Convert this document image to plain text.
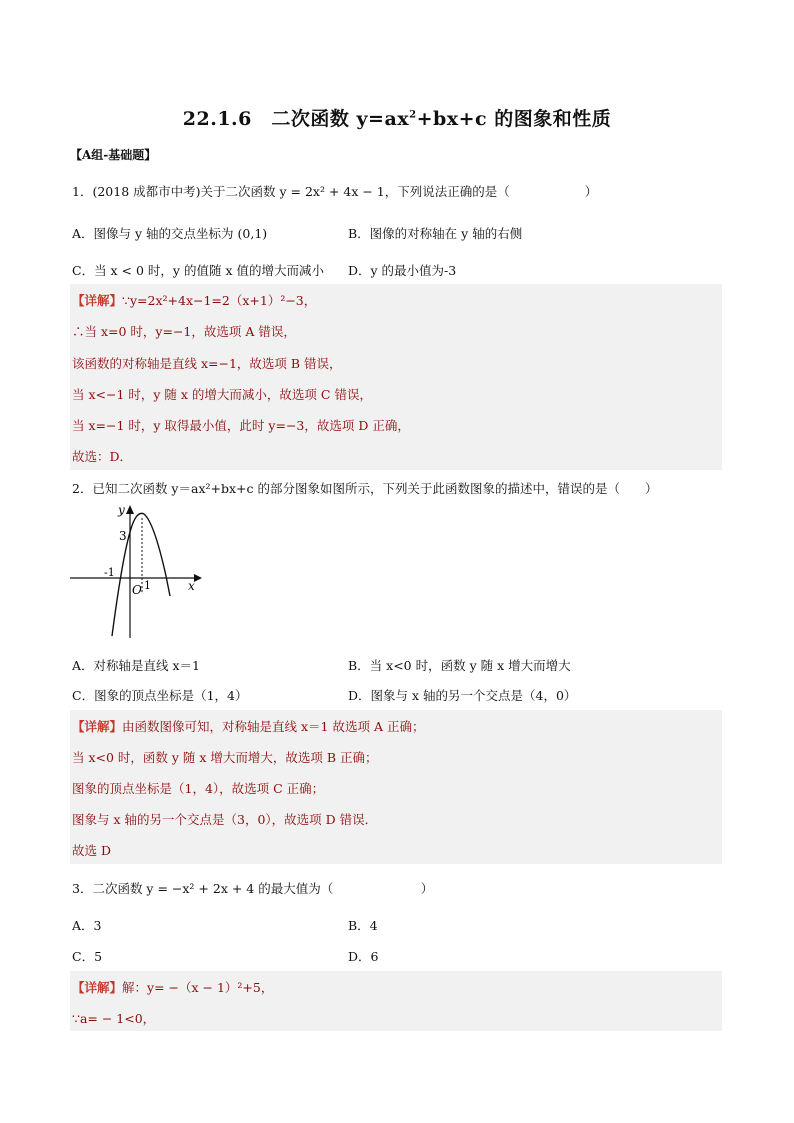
22.1.6　二次函数 $y=ax^2+bx+c$ 的图象和性质
【A组-基础题】
1．(2018 成都市中考)关于二次函数 y = 2x² + 4x − 1，下列说法正确的是（　　　　　　）
A．图像与 y 轴的交点坐标为 (0,1)	B．图像的对称轴在 y 轴的右侧
C．当 x < 0 时，y 的值随 x 值的增大而减小 D．y 的最小值为-3
【详解】∵y=2x²+4x−1=2（x+1）²−3，
∴当 x=0 时，y=−1，故选项 A 错误，
该函数的对称轴是直线 x=−1，故选项 B 错误，
当 x<−1 时，y 随 x 的增大而减小，故选项 C 错误，
当 x=−1 时，y 取得最小值，此时 y=−3，故选项 D 正确，
故选：D．
2．已知二次函数 y＝ax²+bx+c 的部分图象如图所示，下列关于此函数图象的描述中，错误的是（　　）
y
x
3
-1
O 1
A．对称轴是直线 x＝1	B．当 x<0 时，函数 y 随 x 增大而增大
C．图象的顶点坐标是（1，4）	D．图象与 x 轴的另一个交点是（4，0）
【详解】由函数图像可知，对称轴是直线 x＝1 故选项 A 正确；
当 x<0 时，函数 y 随 x 增大而增大，故选项 B 正确；
图象的顶点坐标是（1，4），故选项 C 正确；
图象与 x 轴的另一个交点是（3，0），故选项 D 错误．
故选 D
3．二次函数 y = −x² + 2x + 4 的最大值为（　　　　　　　）
A．3	B．4
C．5	D．6
【详解】解：y= −（x − 1）²+5，
∵a= − 1<0，
